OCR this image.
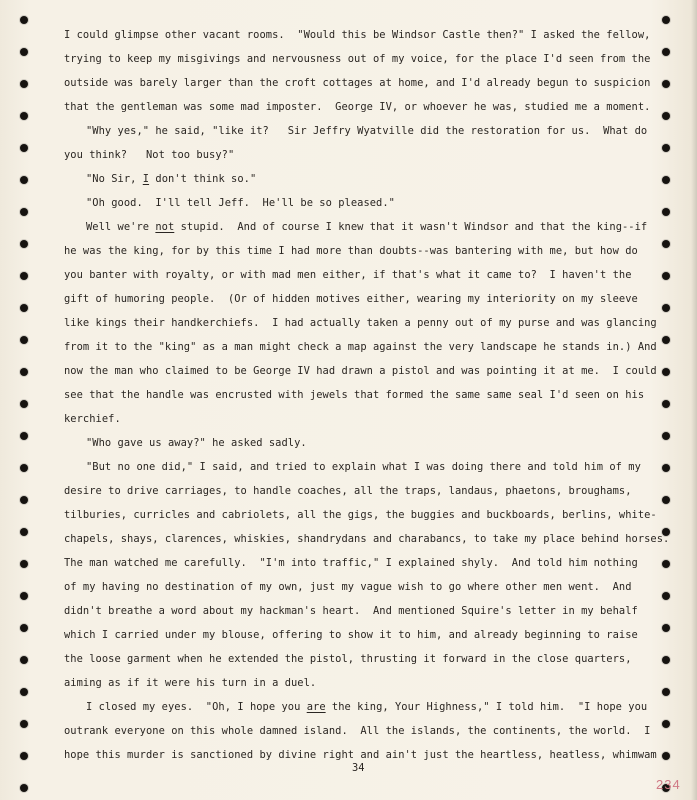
I could glimpse other vacant rooms.  "Would this be Windsor Castle then?" I asked the fellow,
trying to keep my misgivings and nervousness out of my voice, for the place I'd seen from the
outside was barely larger than the croft cottages at home, and I'd already begun to suspicion
that the gentleman was some mad imposter.  George IV, or whoever he was, studied me a moment.
"Why yes," he said, "like it?   Sir Jeffry Wyatville did the restoration for us.  What do
you think?   Not too busy?"
"No Sir, I don't think so."
"Oh good.  I'll tell Jeff.  He'll be so pleased."
Well we're not stupid.  And of course I knew that it wasn't Windsor and that the king--if
he was the king, for by this time I had more than doubts--was bantering with me, but how do
you banter with royalty, or with mad men either, if that's what it came to?  I haven't the
gift of humoring people.  (Or of hidden motives either, wearing my interiority on my sleeve
like kings their handkerchiefs.  I had actually taken a penny out of my purse and was glancing
from it to the "king" as a man might check a map against the very landscape he stands in.) And
now the man who claimed to be George IV had drawn a pistol and was pointing it at me.  I could
see that the handle was encrusted with jewels that formed the same same seal I'd seen on his
kerchief.
"Who gave us away?" he asked sadly.
"But no one did," I said, and tried to explain what I was doing there and told him of my
desire to drive carriages, to handle coaches, all the traps, landaus, phaetons, broughams,
tilburies, curricles and cabriolets, all the gigs, the buggies and buckboards, berlins, white-
chapels, shays, clarences, whiskies, shandrydans and charabancs, to take my place behind horses.
The man watched me carefully.  "I'm into traffic," I explained shyly.  And told him nothing
of my having no destination of my own, just my vague wish to go where other men went.  And
didn't breathe a word about my hackman's heart.  And mentioned Squire's letter in my behalf
which I carried under my blouse, offering to show it to him, and already beginning to raise
the loose garment when he extended the pistol, thrusting it forward in the close quarters,
aiming as if it were his turn in a duel.
I closed my eyes.  "Oh, I hope you are the king, Your Highness," I told him.  "I hope you
outrank everyone on this whole damned island.  All the islands, the continents, the world.  I
hope this murder is sanctioned by divine right and ain't just the heartless, heatless, whimwam
34
234
